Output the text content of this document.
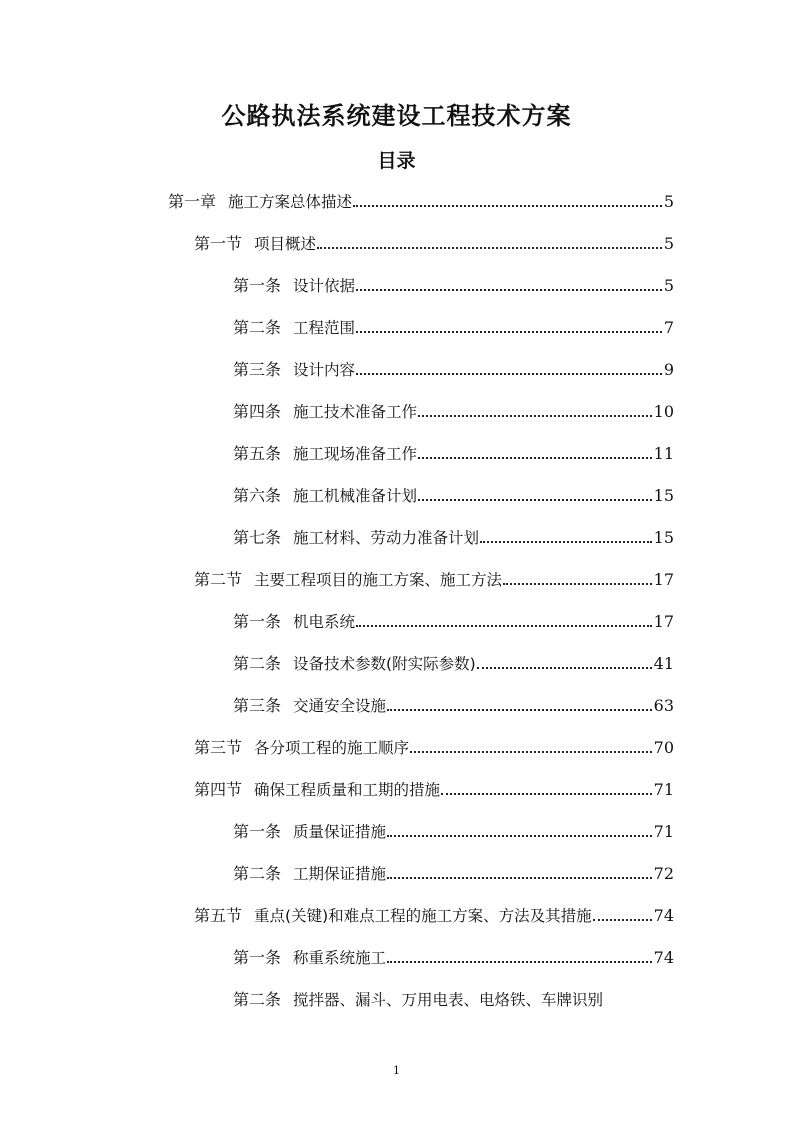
公路执法系统建设工程技术方案
目录
第一章 施工方案总体描述	5
第一节 项目概述	5
第一条 设计依据	5
第二条 工程范围	7
第三条 设计内容	9
第四条 施工技术准备工作	10
第五条 施工现场准备工作	11
第六条 施工机械准备计划	15
第七条 施工材料、劳动力准备计划	15
第二节 主要工程项目的施工方案、施工方法	17
第一条 机电系统	17
第二条 设备技术参数(附实际参数)	41
第三条 交通安全设施	63
第三节 各分项工程的施工顺序	70
第四节 确保工程质量和工期的措施	71
第一条 质量保证措施	71
第二条 工期保证措施	72
第五节 重点(关键)和难点工程的施工方案、方法及其措施	74
第一条 称重系统施工	74
第二条 搅拌器、漏斗、万用电表、电烙铁、车牌识别
1
